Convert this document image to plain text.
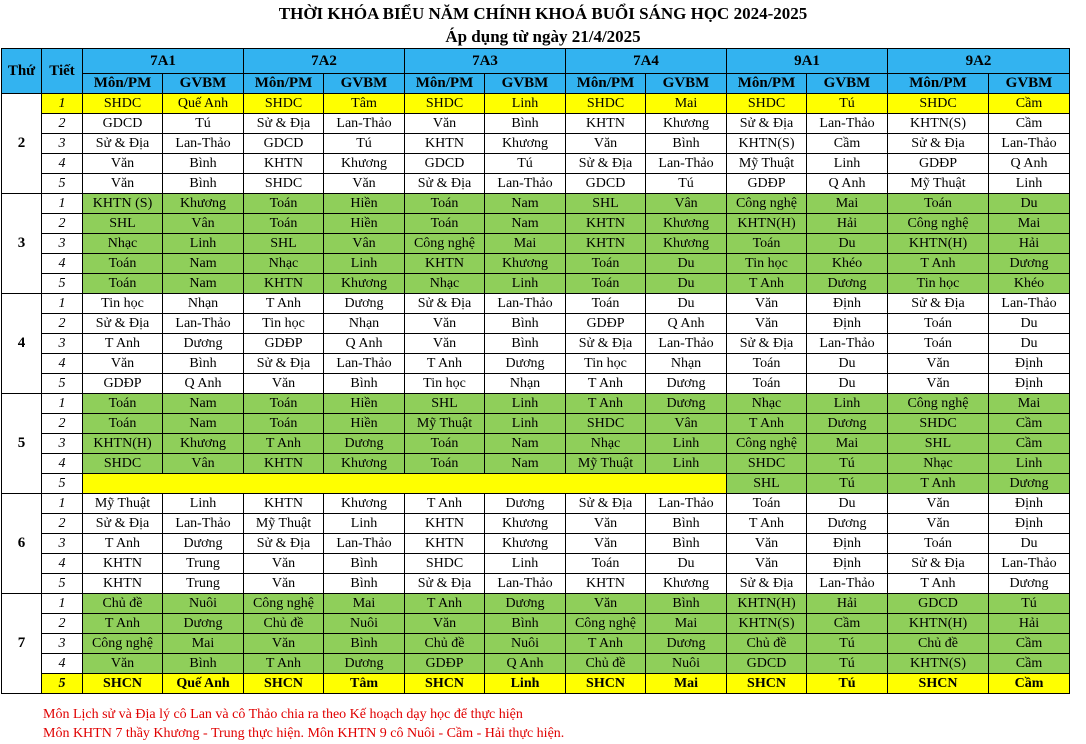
THỜI KHÓA BIỂU NĂM CHÍNH KHOÁ BUỔI SÁNG HỌC 2024-2025
Áp dụng từ ngày 21/4/2025
Thứ	Tiết	7A1		7A2		7A3		7A4		9A1		9A2	
		Môn/PM	GVBM	Môn/PM	GVBM	Môn/PM	GVBM	Môn/PM	GVBM	Môn/PM	GVBM	Môn/PM	GVBM
2	1	SHDC	Quế Anh	SHDC	Tâm	SHDC	Linh	SHDC	Mai	SHDC	Tú	SHDC	Cầm
	2	GDCD	Tú	Sử & Địa	Lan-Thảo	Văn	Bình	KHTN	Khương	Sử & Địa	Lan-Thảo	KHTN(S)	Cầm
	3	Sử & Địa	Lan-Thảo	GDCD	Tú	KHTN	Khương	Văn	Bình	KHTN(S)	Cầm	Sử & Địa	Lan-Thảo
	4	Văn	Bình	KHTN	Khương	GDCD	Tú	Sử & Địa	Lan-Thảo	Mỹ Thuật	Linh	GDĐP	Q Anh
	5	Văn	Bình	SHDC	Văn	Sử & Địa	Lan-Thảo	GDCD	Tú	GDĐP	Q Anh	Mỹ Thuật	Linh
3	1	KHTN (S)	Khương	Toán	Hiền	Toán	Nam	SHL	Vân	Công nghệ	Mai	Toán	Du
	2	SHL	Vân	Toán	Hiền	Toán	Nam	KHTN	Khương	KHTN(H)	Hải	Công nghệ	Mai
	3	Nhạc	Linh	SHL	Vân	Công nghệ	Mai	KHTN	Khương	Toán	Du	KHTN(H)	Hải
	4	Toán	Nam	Nhạc	Linh	KHTN	Khương	Toán	Du	Tin học	Khéo	T Anh	Dương
	5	Toán	Nam	KHTN	Khương	Nhạc	Linh	Toán	Du	T Anh	Dương	Tin học	Khéo
4	1	Tin học	Nhạn	T Anh	Dương	Sử & Địa	Lan-Thảo	Toán	Du	Văn	Định	Sử & Địa	Lan-Thảo
	2	Sử & Địa	Lan-Thảo	Tin học	Nhạn	Văn	Bình	GDĐP	Q Anh	Văn	Định	Toán	Du
	3	T Anh	Dương	GDĐP	Q Anh	Văn	Bình	Sử & Địa	Lan-Thảo	Sử & Địa	Lan-Thảo	Toán	Du
	4	Văn	Bình	Sử & Địa	Lan-Thảo	T Anh	Dương	Tin học	Nhạn	Toán	Du	Văn	Định
	5	GDĐP	Q Anh	Văn	Bình	Tin học	Nhạn	T Anh	Dương	Toán	Du	Văn	Định
5	1	Toán	Nam	Toán	Hiền	SHL	Linh	T Anh	Dương	Nhạc	Linh	Công nghệ	Mai
	2	Toán	Nam	Toán	Hiền	Mỹ Thuật	Linh	SHDC	Vân	T Anh	Dương	SHDC	Cầm
	3	KHTN(H)	Khương	T Anh	Dương	Toán	Nam	Nhạc	Linh	Công nghệ	Mai	SHL	Cầm
	4	SHDC	Vân	KHTN	Khương	Toán	Nam	Mỹ Thuật	Linh	SHDC	Tú	Nhạc	Linh
	5									SHL	Tú	T Anh	Dương
6	1	Mỹ Thuật	Linh	KHTN	Khương	T Anh	Dương	Sử & Địa	Lan-Thảo	Toán	Du	Văn	Định
	2	Sử & Địa	Lan-Thảo	Mỹ Thuật	Linh	KHTN	Khương	Văn	Bình	T Anh	Dương	Văn	Định
	3	T Anh	Dương	Sử & Địa	Lan-Thảo	KHTN	Khương	Văn	Bình	Văn	Định	Toán	Du
	4	KHTN	Trung	Văn	Bình	SHDC	Linh	Toán	Du	Văn	Định	Sử & Địa	Lan-Thảo
	5	KHTN	Trung	Văn	Bình	Sử & Địa	Lan-Thảo	KHTN	Khương	Sử & Địa	Lan-Thảo	T Anh	Dương
7	1	Chủ đề	Nuôi	Công nghệ	Mai	T Anh	Dương	Văn	Bình	KHTN(H)	Hải	GDCD	Tú
	2	T Anh	Dương	Chủ đề	Nuôi	Văn	Bình	Công nghệ	Mai	KHTN(S)	Cầm	KHTN(H)	Hải
	3	Công nghệ	Mai	Văn	Bình	Chủ đề	Nuôi	T Anh	Dương	Chủ đề	Tú	Chủ đề	Cầm
	4	Văn	Bình	T Anh	Dương	GDĐP	Q Anh	Chủ đề	Nuôi	GDCD	Tú	KHTN(S)	Cầm
	5	SHCN	Quế Anh	SHCN	Tâm	SHCN	Linh	SHCN	Mai	SHCN	Tú	SHCN	Cầm
Môn Lịch sử và Địa lý cô Lan và cô Thảo chia ra theo Kế hoạch dạy học để thực hiện
Môn KHTN 7 thầy Khương - Trung thực hiện. Môn KHTN 9 cô Nuôi - Cầm - Hải thực hiện.
